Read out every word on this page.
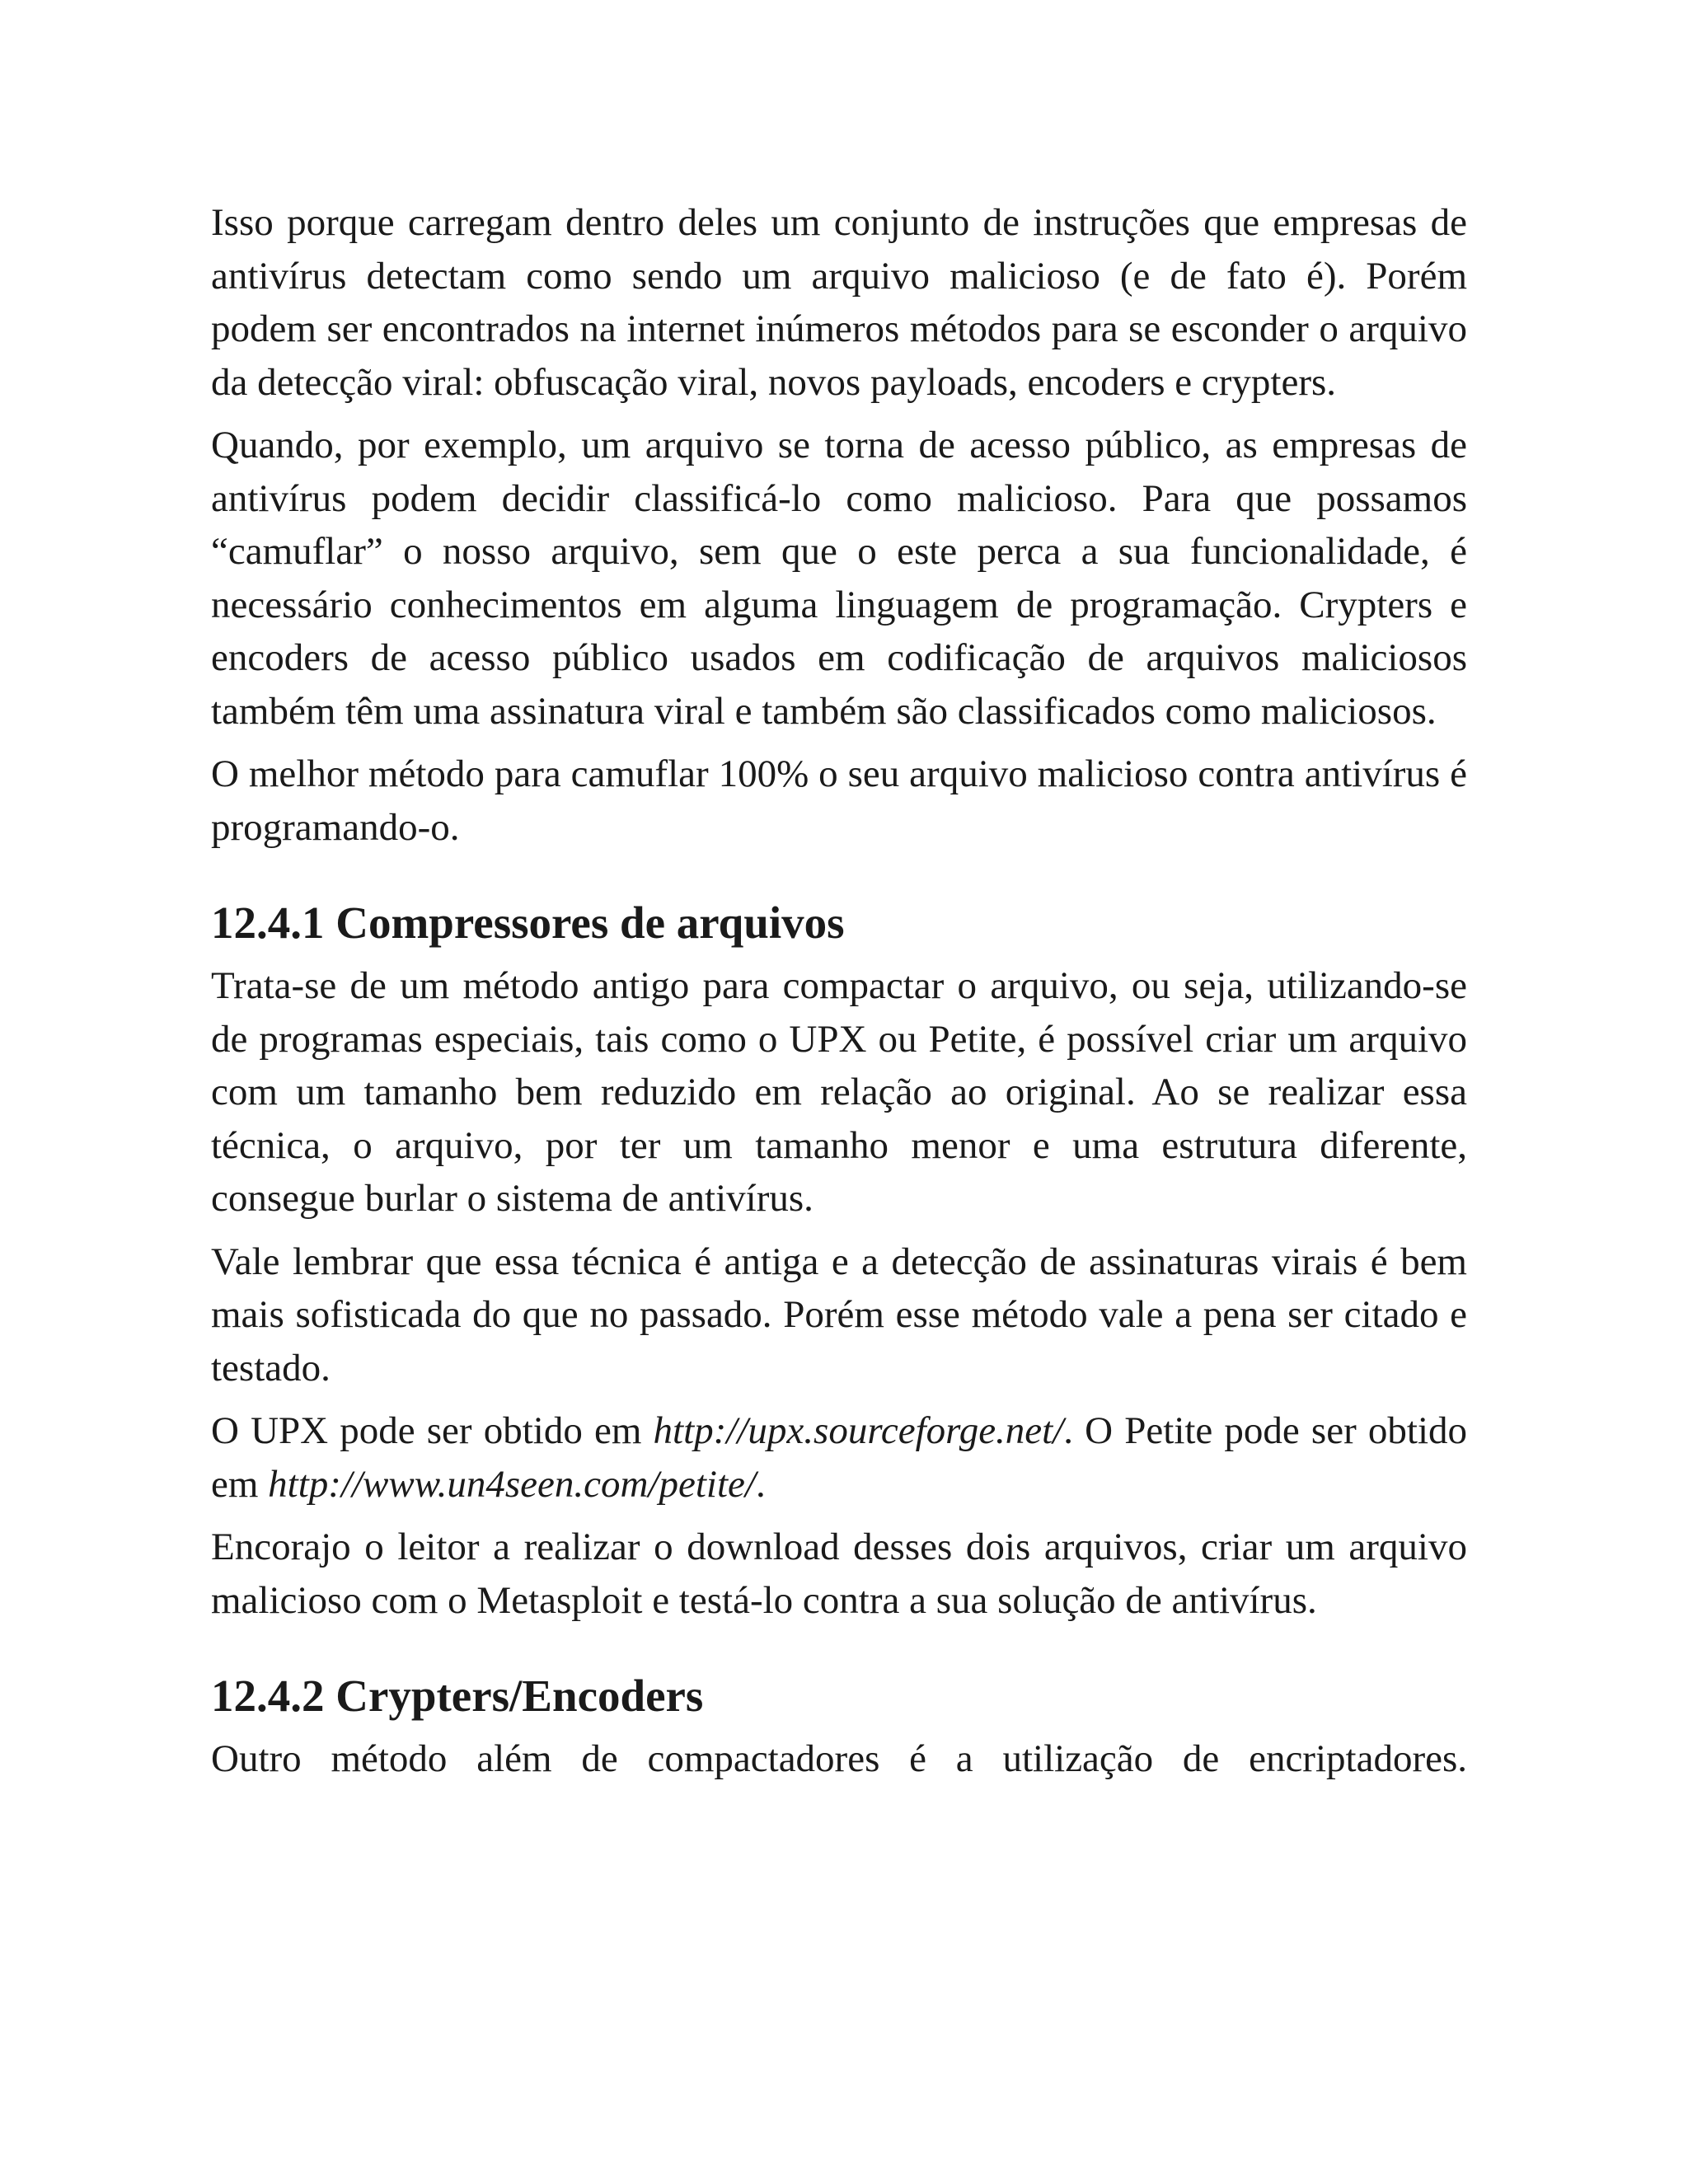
Isso porque carregam dentro deles um conjunto de instruções que empresas de antivírus detectam como sendo um arquivo malicioso (e de fato é). Porém podem ser encontrados na internet inúmeros métodos para se esconder o arquivo da detecção viral: obfuscação viral, novos payloads, encoders e crypters.

Quando, por exemplo, um arquivo se torna de acesso público, as empresas de antivírus podem decidir classificá-lo como malicioso. Para que possamos “camuflar” o nosso arquivo, sem que o este perca a sua funcionalidade, é necessário conhecimentos em alguma linguagem de programação. Crypters e encoders de acesso público usados em codificação de arquivos maliciosos também têm uma assinatura viral e também são classificados como maliciosos.

O melhor método para camuflar 100% o seu arquivo malicioso contra antivírus é programando-o.

12.4.1 Compressores de arquivos

Trata-se de um método antigo para compactar o arquivo, ou seja, utilizando-se de programas especiais, tais como o UPX ou Petite, é possível criar um arquivo com um tamanho bem reduzido em relação ao original. Ao se realizar essa técnica, o arquivo, por ter um tamanho menor e uma estrutura diferente, consegue burlar o sistema de antivírus.

Vale lembrar que essa técnica é antiga e a detecção de assinaturas virais é bem mais sofisticada do que no passado. Porém esse método vale a pena ser citado e testado.

O UPX pode ser obtido em http://upx.sourceforge.net/. O Petite pode ser obtido em http://www.un4seen.com/petite/.

Encorajo o leitor a realizar o download desses dois arquivos, criar um arquivo malicioso com o Metasploit e testá-lo contra a sua solução de antivírus.

12.4.2 Crypters/Encoders

Outro método além de compactadores é a utilização de encriptadores.
